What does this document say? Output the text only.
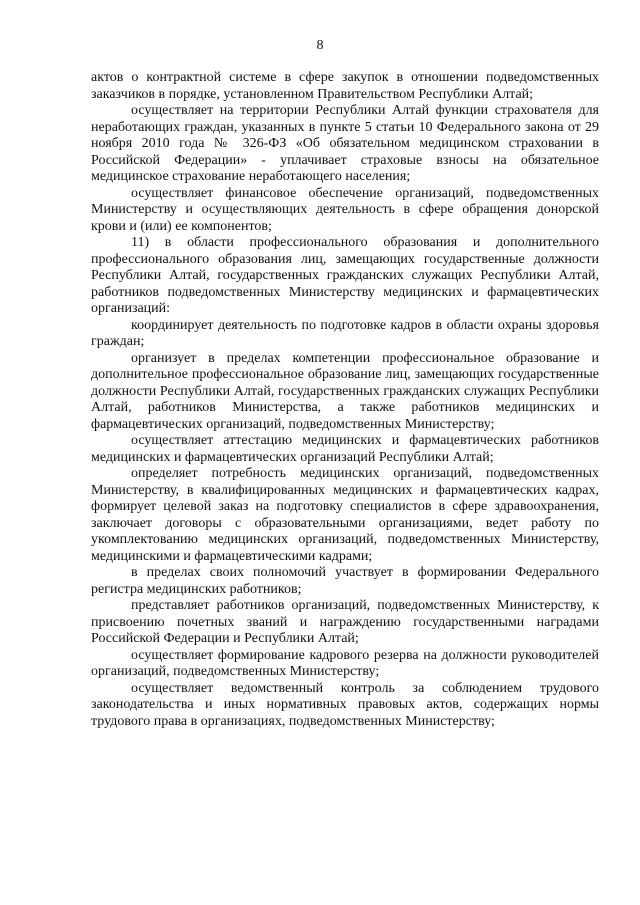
8

актов о контрактной системе в сфере закупок в отношении подведомственных заказчиков в порядке, установленном Правительством Республики Алтай;

осуществляет на территории Республики Алтай функции страхователя для неработающих граждан, указанных в пункте 5 статьи 10 Федерального закона от 29 ноября 2010 года № 326-ФЗ «Об обязательном медицинском страховании в Российской Федерации» - уплачивает страховые взносы на обязательное медицинское страхование неработающего населения;

осуществляет финансовое обеспечение организаций, подведомственных Министерству и осуществляющих деятельность в сфере обращения донорской крови и (или) ее компонентов;

11) в области профессионального образования и дополнительного профессионального образования лиц, замещающих государственные должности Республики Алтай, государственных гражданских служащих Республики Алтай, работников подведомственных Министерству медицинских и фармацевтических организаций:

координирует деятельность по подготовке кадров в области охраны здоровья граждан;

организует в пределах компетенции профессиональное образование и дополнительное профессиональное образование лиц, замещающих государственные должности Республики Алтай, государственных гражданских служащих Республики Алтай, работников Министерства, а также работников медицинских и фармацевтических организаций, подведомственных Министерству;

осуществляет аттестацию медицинских и фармацевтических работников медицинских и фармацевтических организаций Республики Алтай;

определяет потребность медицинских организаций, подведомственных Министерству, в квалифицированных медицинских и фармацевтических кадрах, формирует целевой заказ на подготовку специалистов в сфере здравоохранения, заключает договоры с образовательными организациями, ведет работу по укомплектованию медицинских организаций, подведомственных Министерству, медицинскими и фармацевтическими кадрами;

в пределах своих полномочий участвует в формировании Федерального регистра медицинских работников;

представляет работников организаций, подведомственных Министерству, к присвоению почетных званий и награждению государственными наградами Российской Федерации и Республики Алтай;

осуществляет формирование кадрового резерва на должности руководителей организаций, подведомственных Министерству;

осуществляет ведомственный контроль за соблюдением трудового законодательства и иных нормативных правовых актов, содержащих нормы трудового права в организациях, подведомственных Министерству;
